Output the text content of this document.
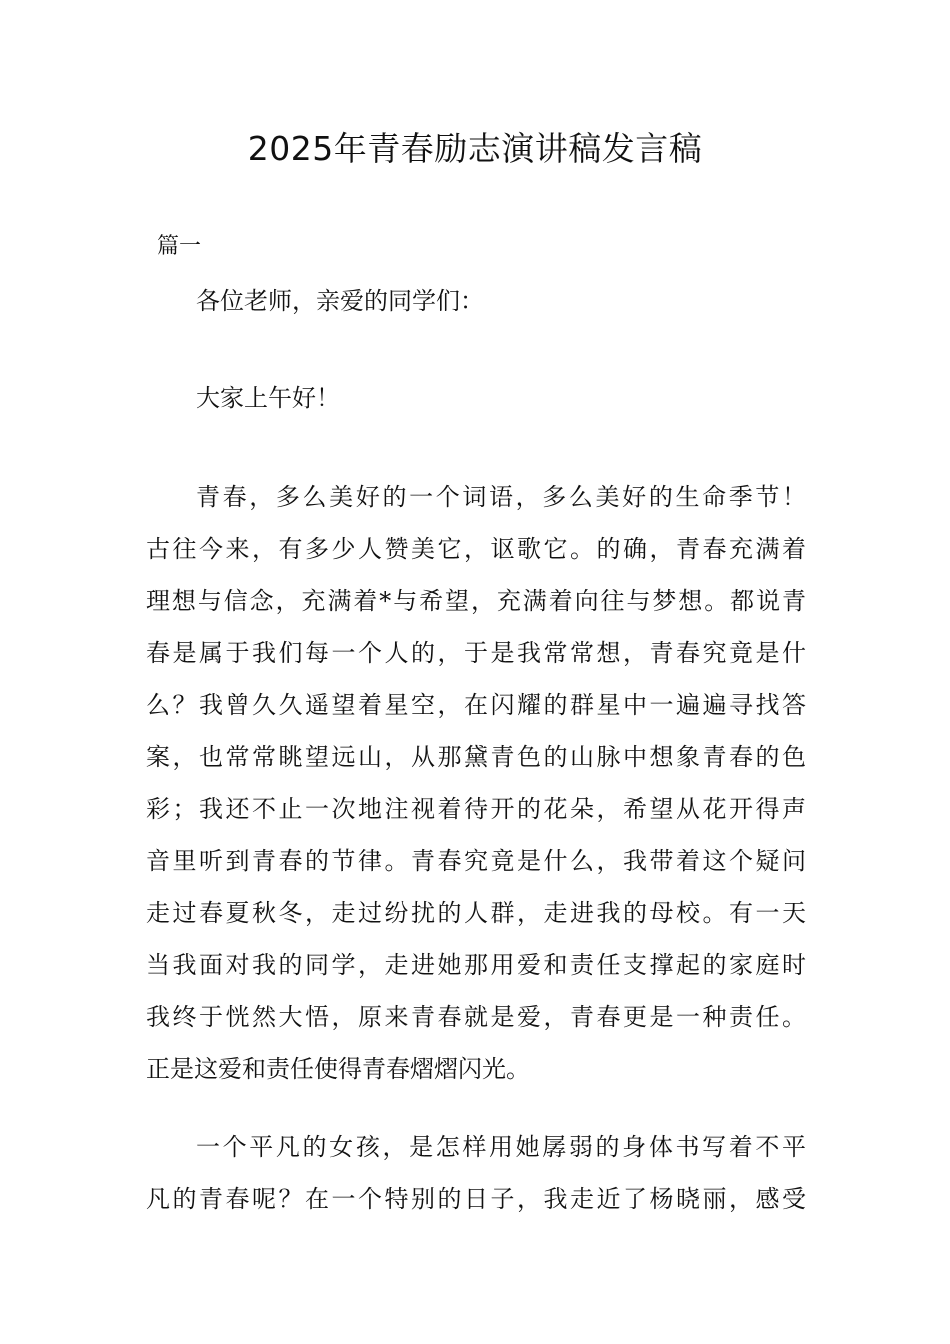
2025年青春励志演讲稿发言稿
篇一
各位老师，亲爱的同学们：
大家上午好！
青春，多么美好的一个词语，多么美好的生命季节！
古往今来，有多少人赞美它，讴歌它。的确，青春充满着
理想与信念，充满着*与希望，充满着向往与梦想。都说青
春是属于我们每一个人的，于是我常常想，青春究竟是什
么？我曾久久遥望着星空，在闪耀的群星中一遍遍寻找答
案，也常常眺望远山，从那黛青色的山脉中想象青春的色
彩；我还不止一次地注视着待开的花朵，希望从花开得声
音里听到青春的节律。青春究竟是什么，我带着这个疑问
走过春夏秋冬，走过纷扰的人群，走进我的母校。有一天
当我面对我的同学，走进她那用爱和责任支撑起的家庭时
我终于恍然大悟，原来青春就是爱，青春更是一种责任。
正是这爱和责任使得青春熠熠闪光。
一个平凡的女孩，是怎样用她孱弱的身体书写着不平
凡的青春呢？在一个特别的日子，我走近了杨晓丽，感受
